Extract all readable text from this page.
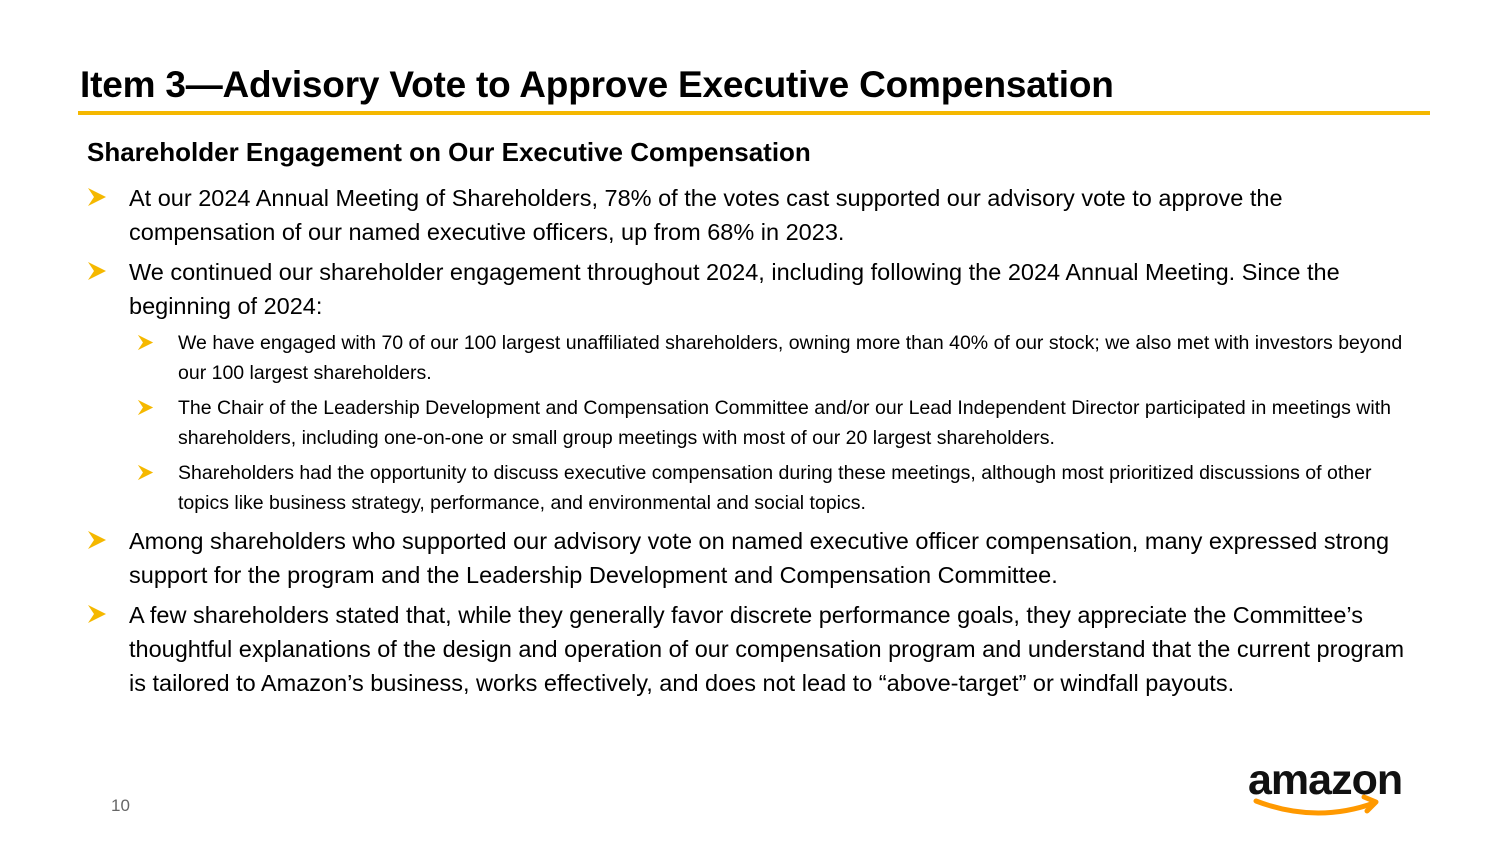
Item 3—Advisory Vote to Approve Executive Compensation
Shareholder Engagement on Our Executive Compensation
At our 2024 Annual Meeting of Shareholders, 78% of the votes cast supported our advisory vote to approve the compensation of our named executive officers, up from 68% in 2023.
We continued our shareholder engagement throughout 2024, including following the 2024 Annual Meeting. Since the beginning of 2024:
We have engaged with 70 of our 100 largest unaffiliated shareholders, owning more than 40% of our stock; we also met with investors beyond our 100 largest shareholders.
The Chair of the Leadership Development and Compensation Committee and/or our Lead Independent Director participated in meetings with shareholders, including one-on-one or small group meetings with most of our 20 largest shareholders.
Shareholders had the opportunity to discuss executive compensation during these meetings, although most prioritized discussions of other topics like business strategy, performance, and environmental and social topics.
Among shareholders who supported our advisory vote on named executive officer compensation, many expressed strong support for the program and the Leadership Development and Compensation Committee.
A few shareholders stated that, while they generally favor discrete performance goals, they appreciate the Committee’s thoughtful explanations of the design and operation of our compensation program and understand that the current program is tailored to Amazon’s business, works effectively, and does not lead to “above-target” or windfall payouts.
10
amazon
